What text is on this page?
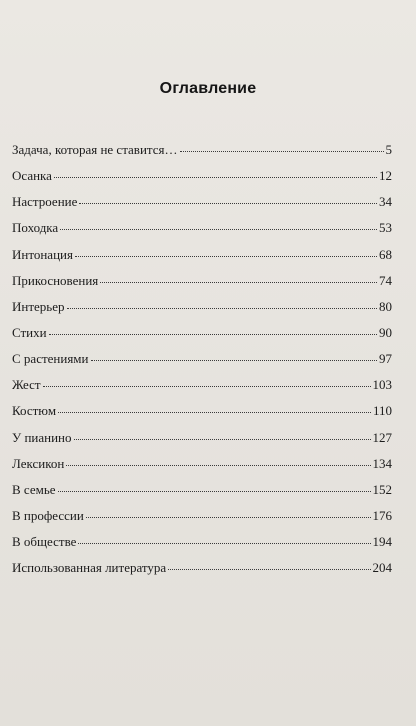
Оглавление
Задача, которая не ставится…	5
Осанка	12
Настроение	34
Походка	53
Интонация	68
Прикосновения	74
Интерьер	80
Стихи	90
С растениями	97
Жест	103
Костюм	110
У пианино	127
Лексикон	134
В семье	152
В профессии	176
В обществе	194
Использованная литература	204
